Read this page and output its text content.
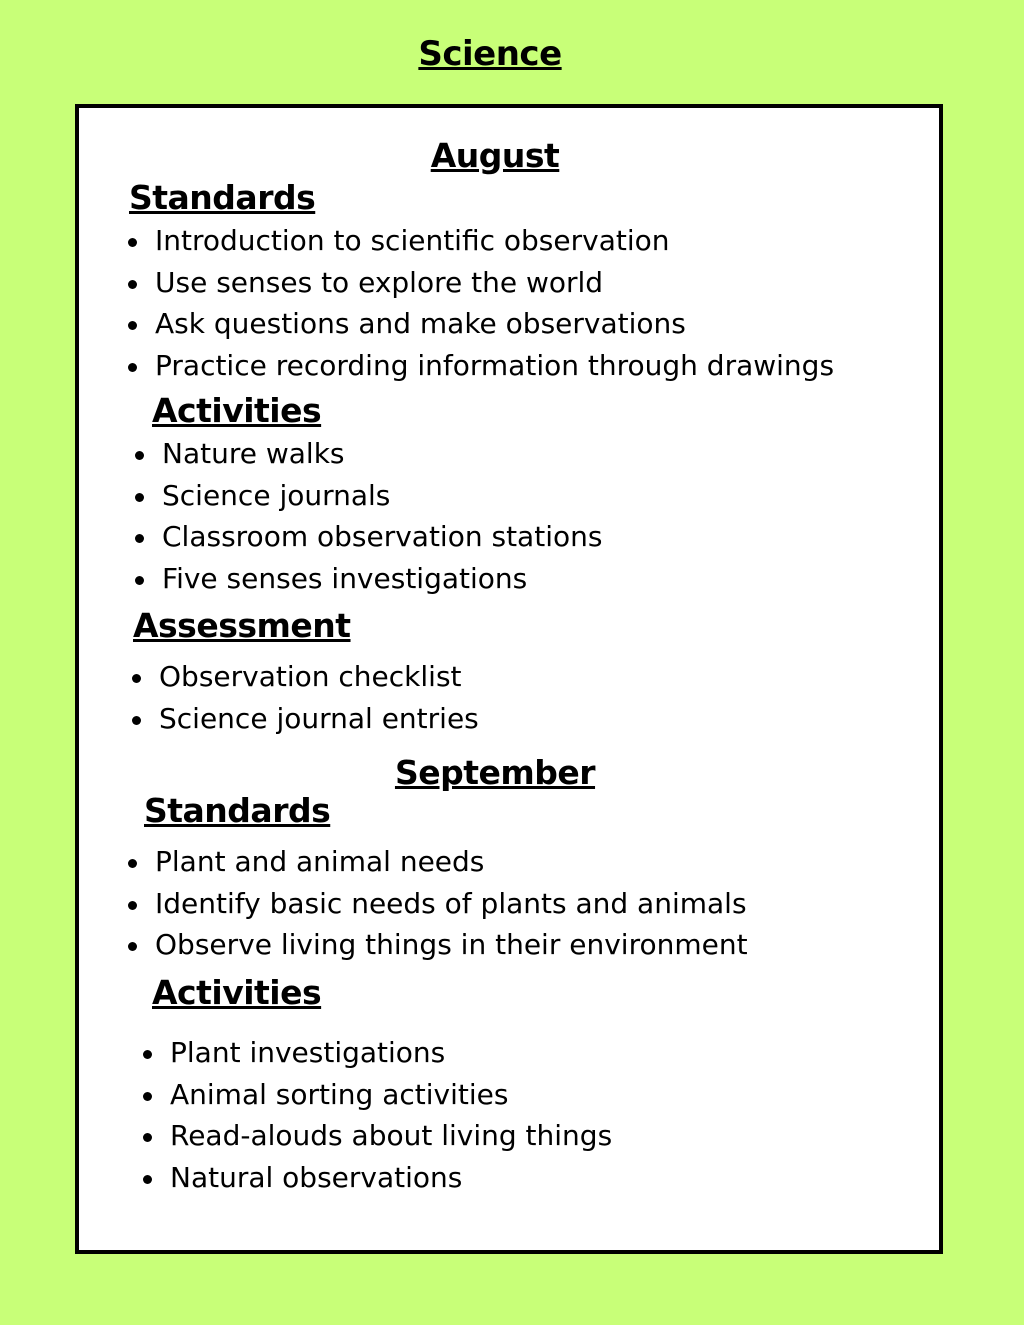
Science
August
Standards
Introduction to scientific observation
Use senses to explore the world
Ask questions and make observations
Practice recording information through drawings
Activities
Nature walks
Science journals
Classroom observation stations
Five senses investigations
Assessment
Observation checklist
Science journal entries
September
Standards
Plant and animal needs
Identify basic needs of plants and animals
Observe living things in their environment
Activities
Plant investigations
Animal sorting activities
Read-alouds about living things
Natural observations
